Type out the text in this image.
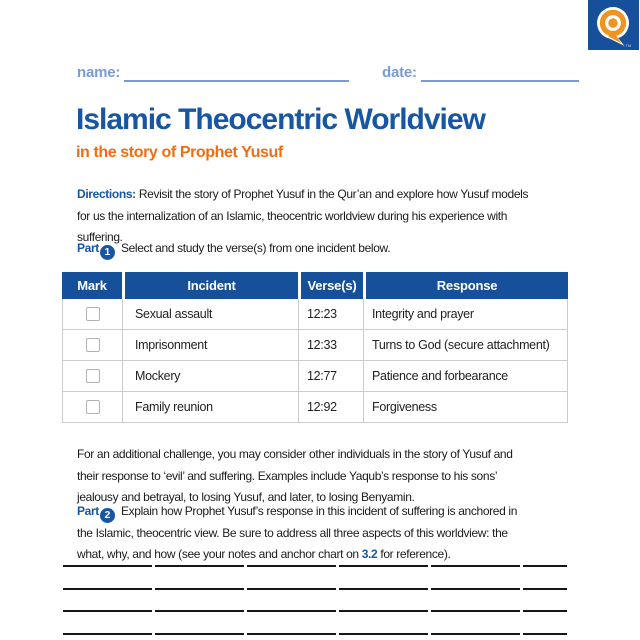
TM
name:	date:
Islamic Theocentric Worldview
in the story of Prophet Yusuf
Directions: Revisit the story of Prophet Yusuf in the Qur’an and explore how Yusuf models
for us the internalization of an Islamic, theocentric worldview during his experience with
suffering.
Part 1 Select and study the verse(s) from one incident below.
Mark	Incident	Verse(s)	Response
	Sexual assault	12:23	Integrity and prayer
	Imprisonment	12:33	Turns to God (secure attachment)
	Mockery	12:77	Patience and forbearance
	Family reunion	12:92	Forgiveness
For an additional challenge, you may consider other individuals in the story of Yusuf and
their response to ‘evil’ and suffering. Examples include Yaqub’s response to his sons’
jealousy and betrayal, to losing Yusuf, and later, to losing Benyamin.
Part 2 Explain how Prophet Yusuf’s response in this incident of suffering is anchored in
the Islamic, theocentric view. Be sure to address all three aspects of this worldview: the
what, why, and how (see your notes and anchor chart on 3.2 for reference).
